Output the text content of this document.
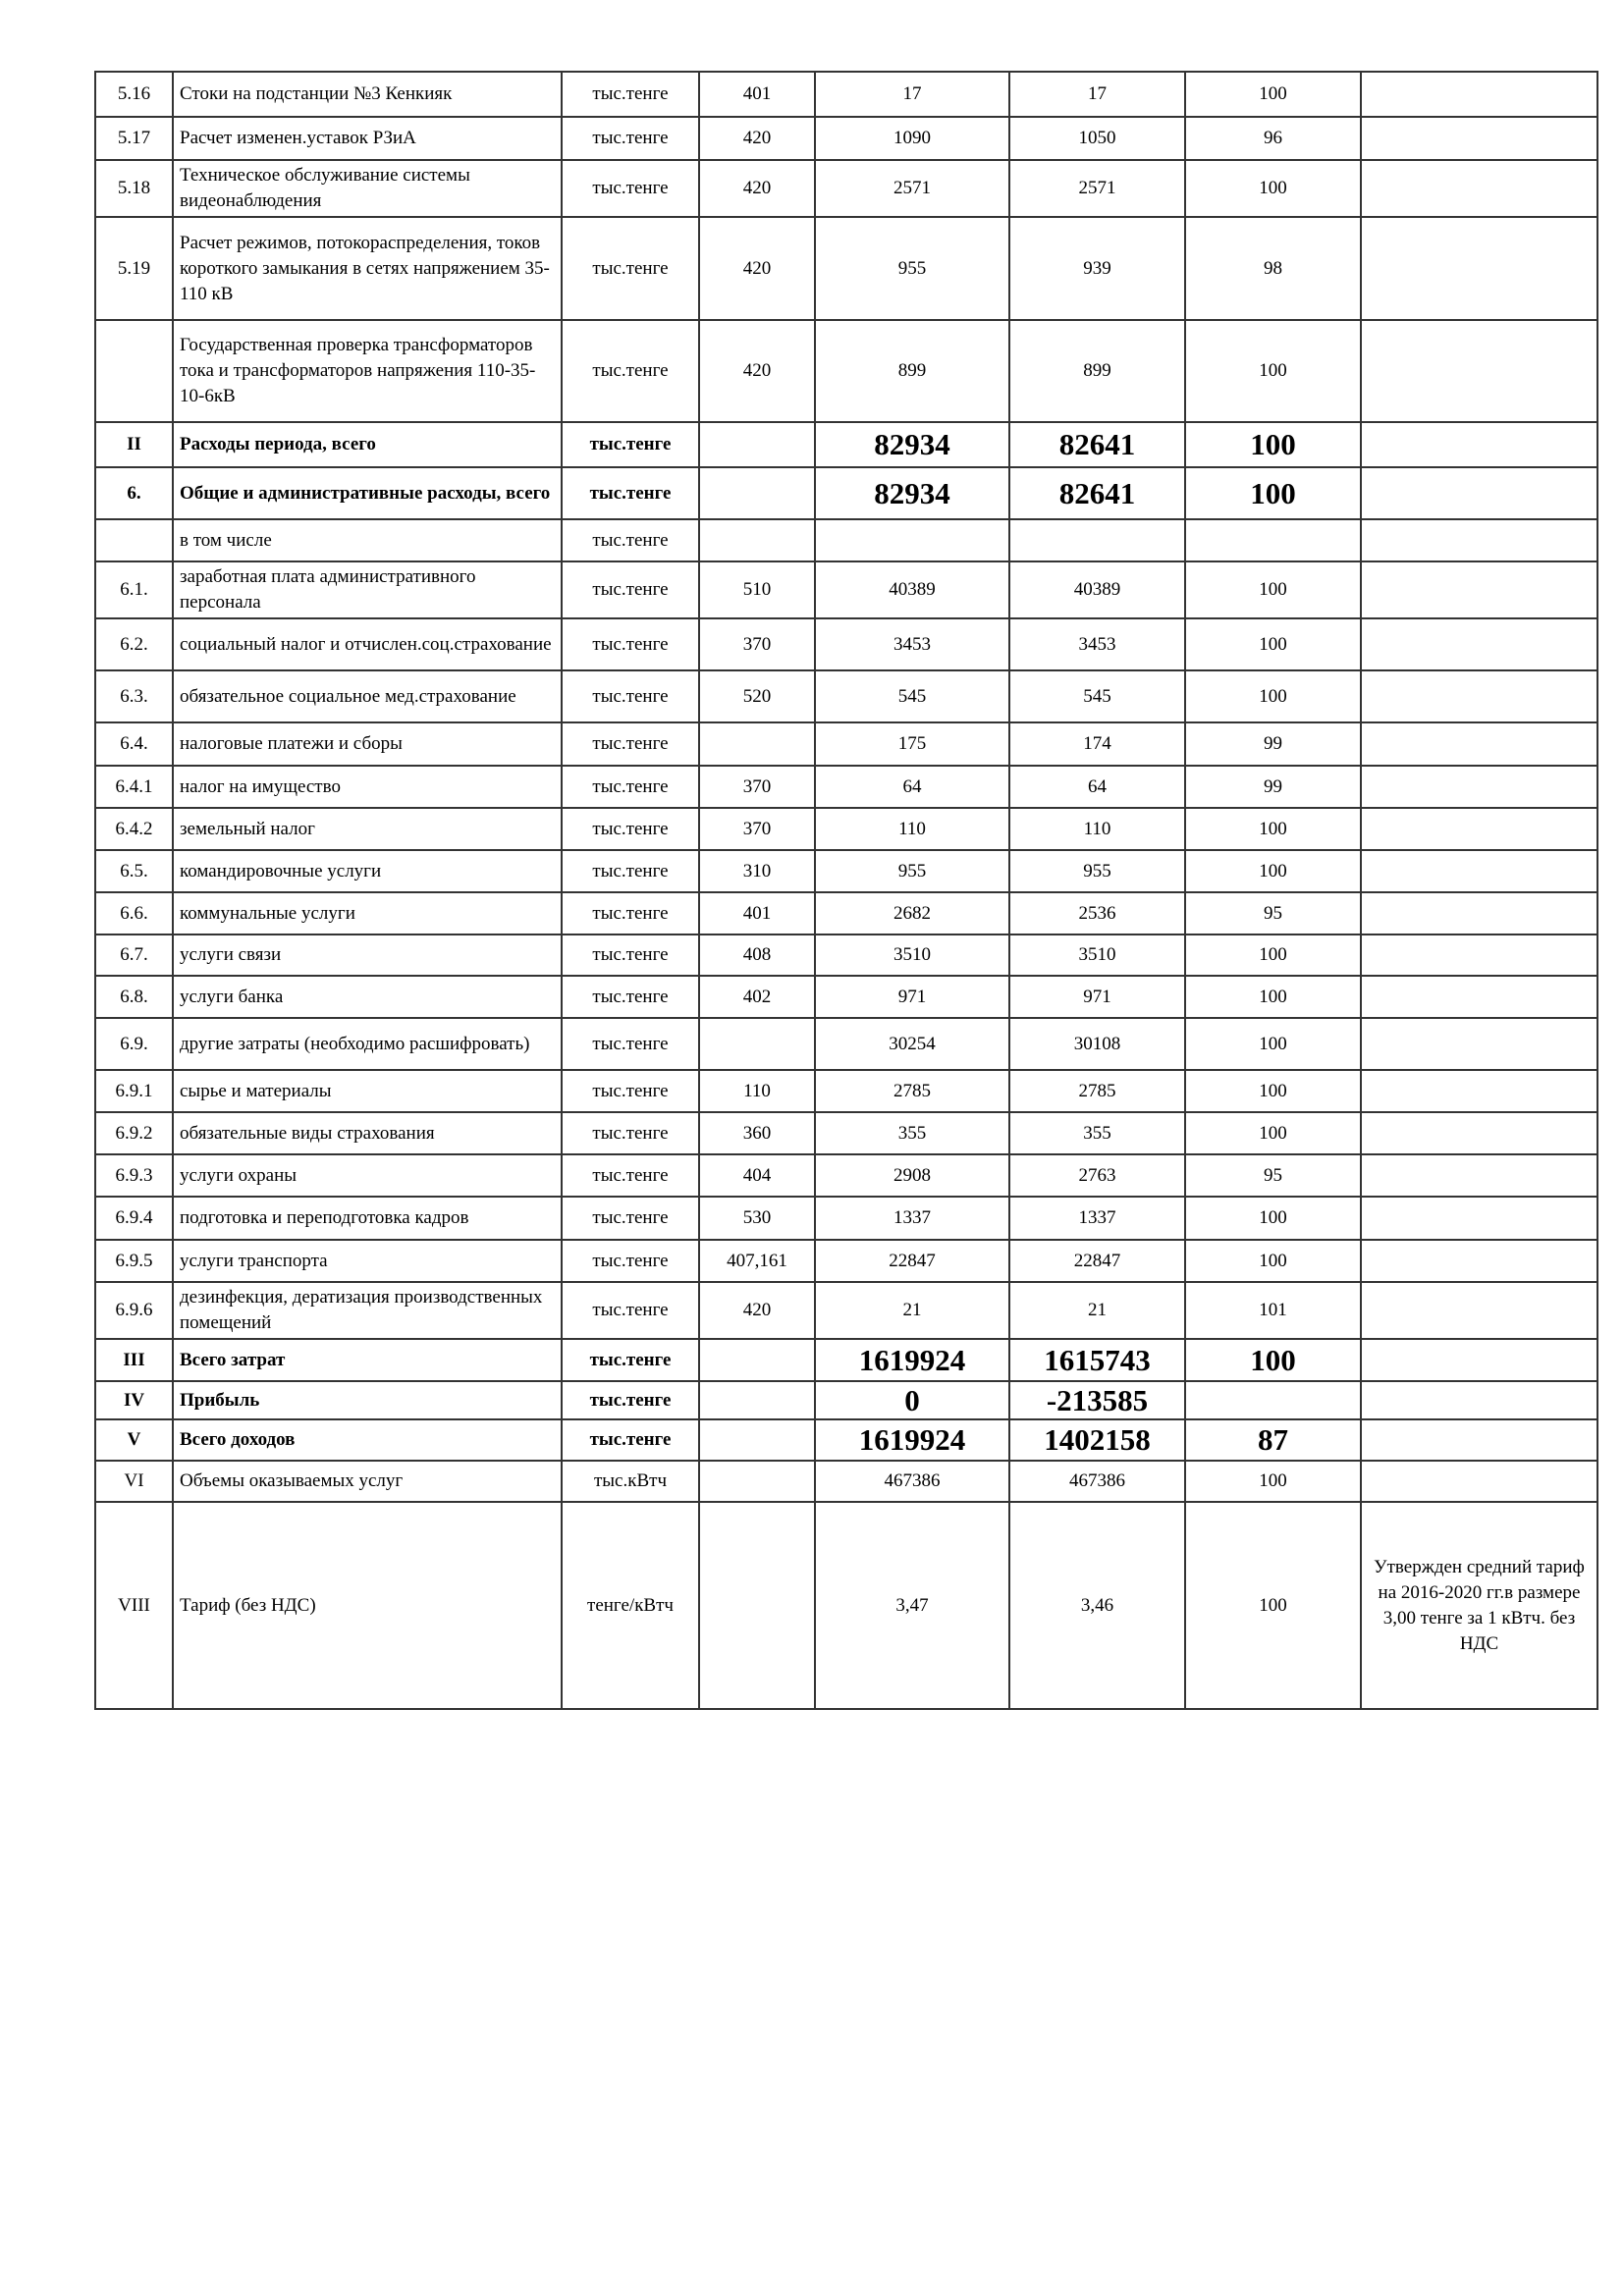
5.16	Стоки на подстанции №3 Кенкияк	тыс.тенге	401	17	17	100	
5.17	Расчет изменен.уставок РЗиА	тыс.тенге	420	1090	1050	96	
5.18	Техническое обслуживание системы видеонаблюдения	тыс.тенге	420	2571	2571	100	
5.19	Расчет режимов, потокораспределения, токов короткого замыкания в сетях напряжением 35-110 кВ	тыс.тенге	420	955	939	98	
	Государственная проверка трансформаторов тока и трансформаторов напряжения 110-35-10-6кВ	тыс.тенге	420	899	899	100	
II	Расходы периода, всего	тыс.тенге		82934	82641	100	
6.	Общие и административные расходы, всего	тыс.тенге		82934	82641	100	
	в том числе	тыс.тенге					
6.1.	заработная плата административного персонала	тыс.тенге	510	40389	40389	100	
6.2.	социальный налог и отчислен.соц.страхование	тыс.тенге	370	3453	3453	100	
6.3.	обязательное социальное мед.страхование	тыс.тенге	520	545	545	100	
6.4.	налоговые платежи и сборы	тыс.тенге		175	174	99	
6.4.1	налог на имущество	тыс.тенге	370	64	64	99	
6.4.2	земельный налог	тыс.тенге	370	110	110	100	
6.5.	командировочные услуги	тыс.тенге	310	955	955	100	
6.6.	коммунальные услуги	тыс.тенге	401	2682	2536	95	
6.7.	услуги связи	тыс.тенге	408	3510	3510	100	
6.8.	услуги банка	тыс.тенге	402	971	971	100	
6.9.	другие затраты (необходимо расшифровать)	тыс.тенге		30254	30108	100	
6.9.1	сырье и материалы	тыс.тенге	110	2785	2785	100	
6.9.2	обязательные виды страхования	тыс.тенге	360	355	355	100	
6.9.3	услуги охраны	тыс.тенге	404	2908	2763	95	
6.9.4	подготовка и переподготовка кадров	тыс.тенге	530	1337	1337	100	
6.9.5	услуги транспорта	тыс.тенге	407,161	22847	22847	100	
6.9.6	дезинфекция, дератизация производственных помещений	тыс.тенге	420	21	21	101	
III	Всего затрат	тыс.тенге		1619924	1615743	100	
IV	Прибыль	тыс.тенге		0	-213585		
V	Всего доходов	тыс.тенге		1619924	1402158	87	
VI	Объемы оказываемых услуг	тыс.кВтч		467386	467386	100	
VIII	Тариф (без НДС)	тенге/кВтч		3,47	3,46	100	Утвержден средний тариф на 2016-2020 гг.в размере 3,00 тенге за 1 кВтч. без НДС
